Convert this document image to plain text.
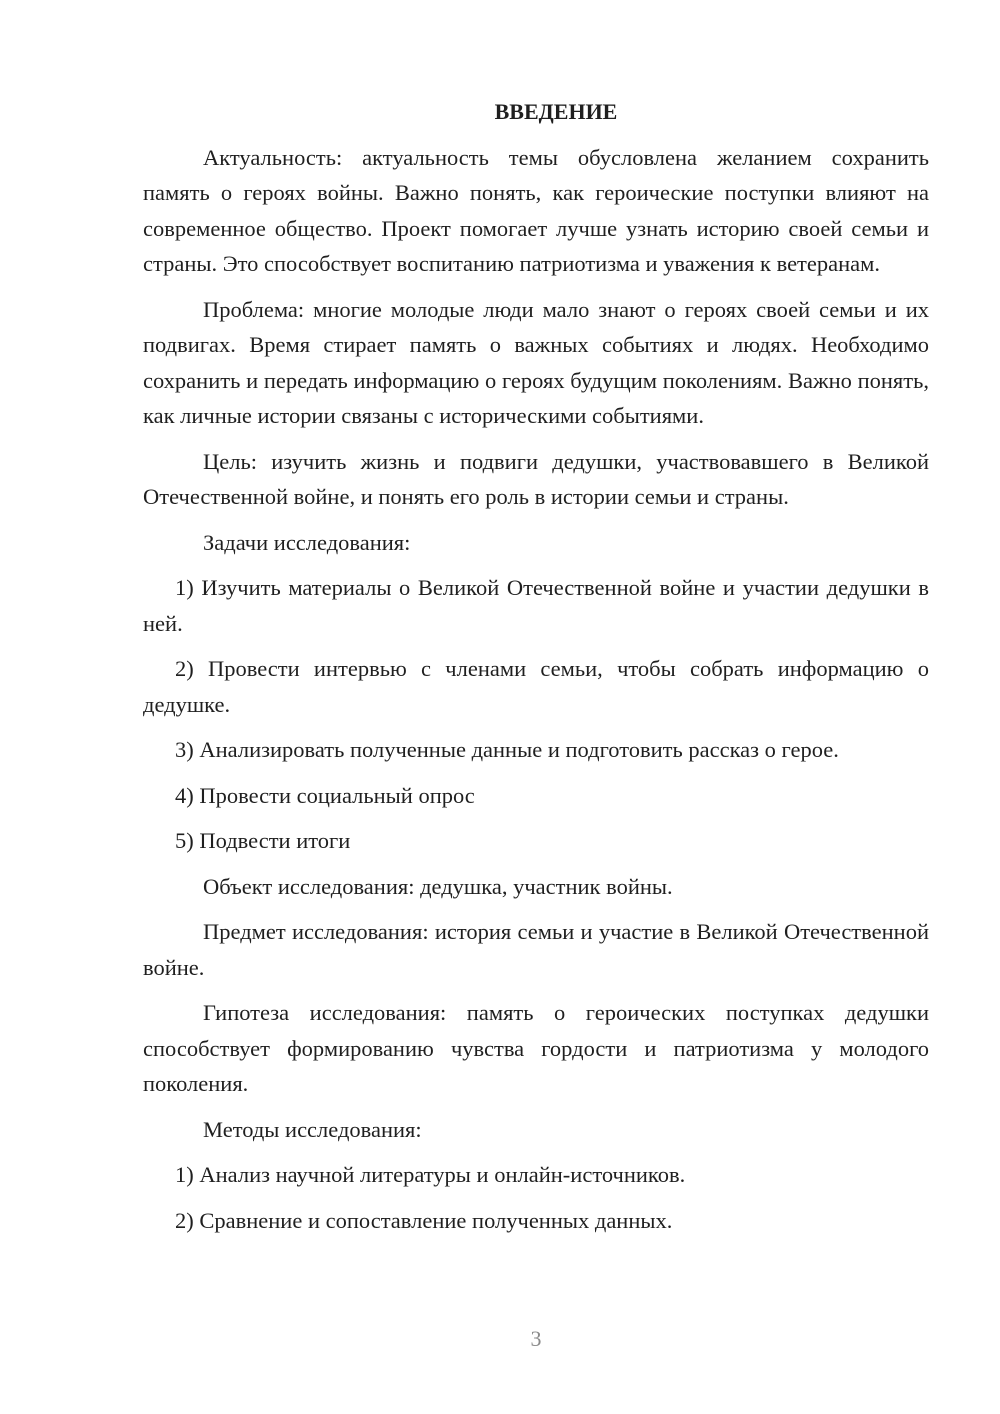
ВВЕДЕНИЕ
Актуальность: актуальность темы обусловлена желанием сохранить память о героях войны. Важно понять, как героические поступки влияют на современное общество. Проект помогает лучше узнать историю своей семьи и страны. Это способствует воспитанию патриотизма и уважения к ветеранам.
Проблема: многие молодые люди мало знают о героях своей семьи и их подвигах. Время стирает память о важных событиях и людях. Необходимо сохранить и передать информацию о героях будущим поколениям. Важно понять, как личные истории связаны с историческими событиями.
Цель: изучить жизнь и подвиги дедушки, участвовавшего в Великой Отечественной войне, и понять его роль в истории семьи и страны.
Задачи исследования:
1) Изучить материалы о Великой Отечественной войне и участии дедушки в ней.
2) Провести интервью с членами семьи, чтобы собрать информацию о дедушке.
3) Анализировать полученные данные и подготовить рассказ о герое.
4) Провести социальный опрос
5) Подвести итоги
Объект исследования: дедушка, участник войны.
Предмет исследования: история семьи и участие в Великой Отечественной войне.
Гипотеза исследования: память о героических поступках дедушки способствует формированию чувства гордости и патриотизма у молодого поколения.
Методы исследования:
1) Анализ научной литературы и онлайн-источников.
2) Сравнение и сопоставление полученных данных.
3
